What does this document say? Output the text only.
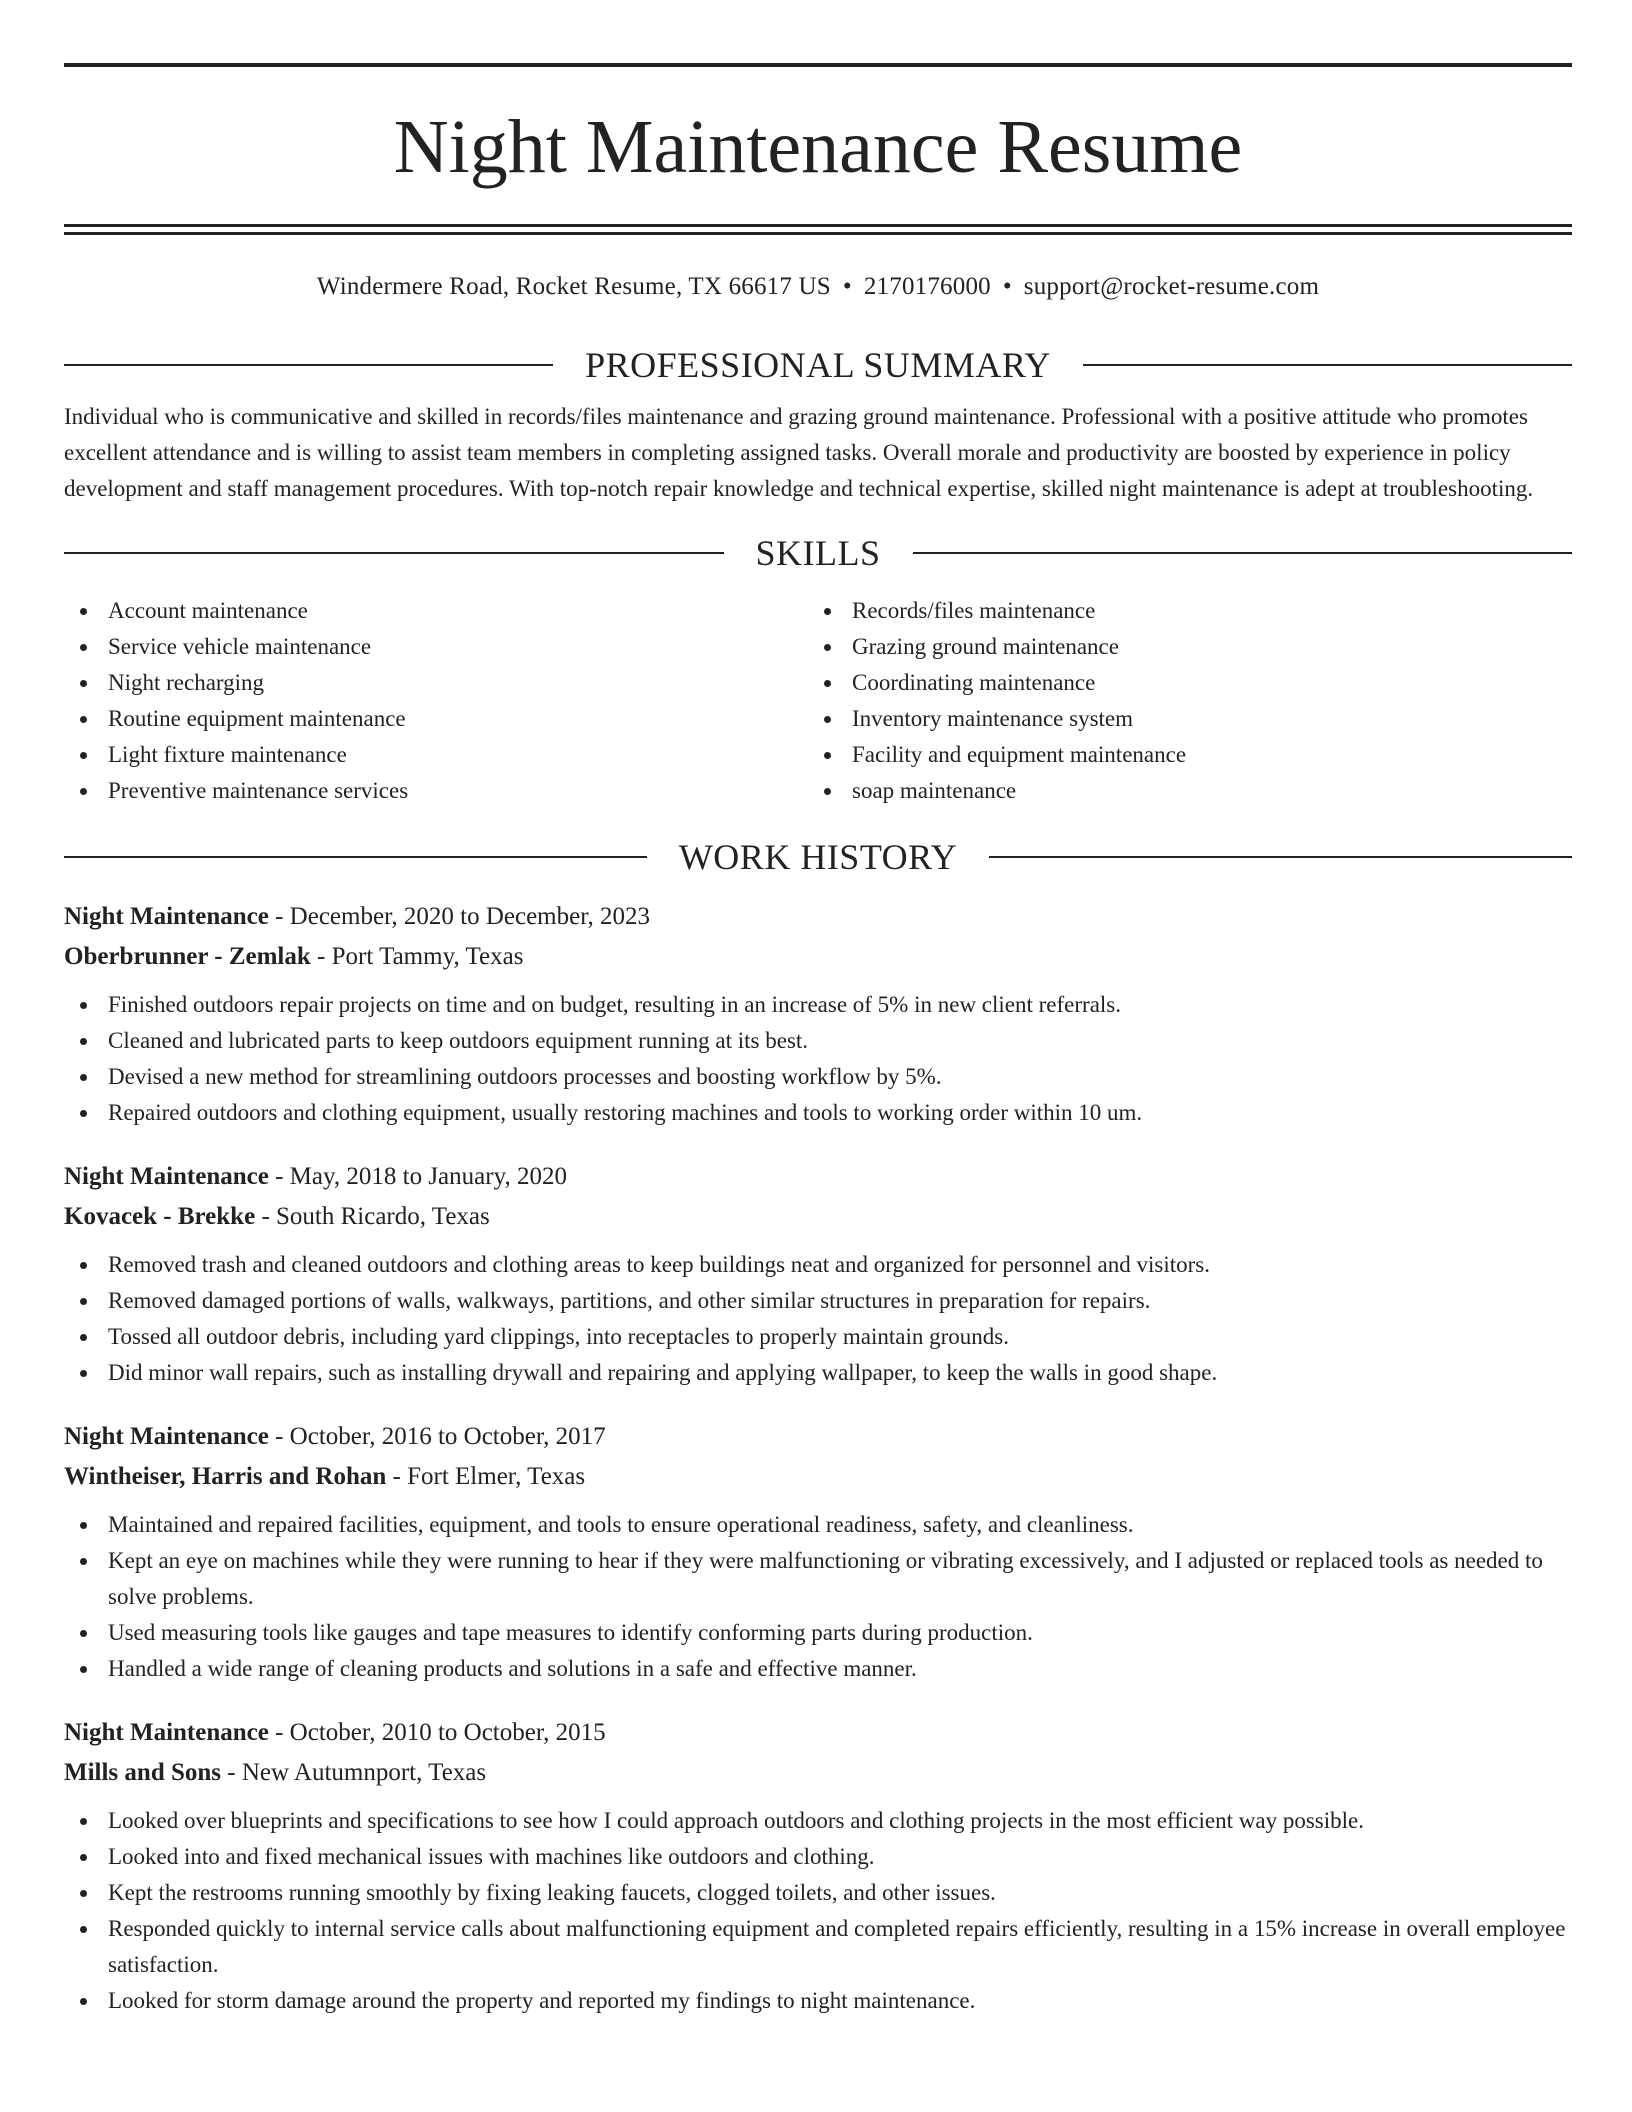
Night Maintenance Resume
Windermere Road, Rocket Resume, TX 66617 US • 2170176000 • support@rocket-resume.com
PROFESSIONAL SUMMARY
Individual who is communicative and skilled in records/files maintenance and grazing ground maintenance. Professional with a positive attitude who promotes excellent attendance and is willing to assist team members in completing assigned tasks. Overall morale and productivity are boosted by experience in policy development and staff management procedures. With top-notch repair knowledge and technical expertise, skilled night maintenance is adept at troubleshooting.
SKILLS
Account maintenance
Service vehicle maintenance
Night recharging
Routine equipment maintenance
Light fixture maintenance
Preventive maintenance services
Records/files maintenance
Grazing ground maintenance
Coordinating maintenance
Inventory maintenance system
Facility and equipment maintenance
soap maintenance
WORK HISTORY
Night Maintenance - December, 2020 to December, 2023
Oberbrunner - Zemlak - Port Tammy, Texas
Finished outdoors repair projects on time and on budget, resulting in an increase of 5% in new client referrals.
Cleaned and lubricated parts to keep outdoors equipment running at its best.
Devised a new method for streamlining outdoors processes and boosting workflow by 5%.
Repaired outdoors and clothing equipment, usually restoring machines and tools to working order within 10 um.
Night Maintenance - May, 2018 to January, 2020
Kovacek - Brekke - South Ricardo, Texas
Removed trash and cleaned outdoors and clothing areas to keep buildings neat and organized for personnel and visitors.
Removed damaged portions of walls, walkways, partitions, and other similar structures in preparation for repairs.
Tossed all outdoor debris, including yard clippings, into receptacles to properly maintain grounds.
Did minor wall repairs, such as installing drywall and repairing and applying wallpaper, to keep the walls in good shape.
Night Maintenance - October, 2016 to October, 2017
Wintheiser, Harris and Rohan - Fort Elmer, Texas
Maintained and repaired facilities, equipment, and tools to ensure operational readiness, safety, and cleanliness.
Kept an eye on machines while they were running to hear if they were malfunctioning or vibrating excessively, and I adjusted or replaced tools as needed to solve problems.
Used measuring tools like gauges and tape measures to identify conforming parts during production.
Handled a wide range of cleaning products and solutions in a safe and effective manner.
Night Maintenance - October, 2010 to October, 2015
Mills and Sons - New Autumnport, Texas
Looked over blueprints and specifications to see how I could approach outdoors and clothing projects in the most efficient way possible.
Looked into and fixed mechanical issues with machines like outdoors and clothing.
Kept the restrooms running smoothly by fixing leaking faucets, clogged toilets, and other issues.
Responded quickly to internal service calls about malfunctioning equipment and completed repairs efficiently, resulting in a 15% increase in overall employee satisfaction.
Looked for storm damage around the property and reported my findings to night maintenance.
